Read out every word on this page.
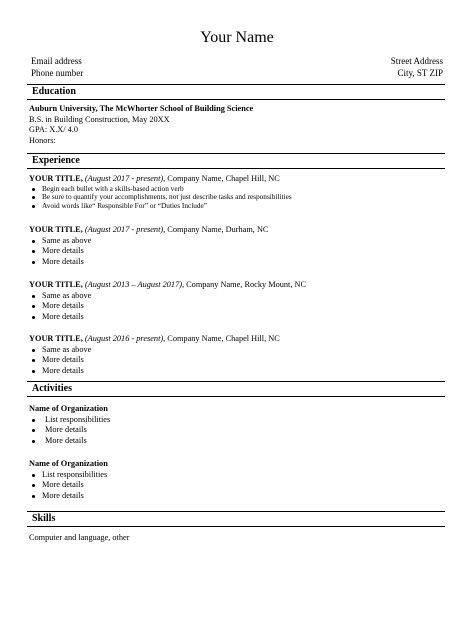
Your Name
Email address
Phone number
Street Address
City, ST ZIP
Education
Auburn University, The McWhorter School of Building Science
B.S. in Building Construction, May 20XX
GPA: X.X/ 4.0
Honors:
Experience
YOUR TITLE, (August 2017 - present), Company Name, Chapel Hill, NC
Begin each bullet with a skills-based action verb
Be sure to quantify your accomplishments, not just describe tasks and responsibilities
Avoid words like“ Responsible For” or “Duties Include”
YOUR TITLE, (August 2017 - present), Company Name, Durham, NC
Same as above
More details
More details
YOUR TITLE, (August 2013 – August 2017), Company Name, Rocky Mount, NC
Same as above
More details
More details
YOUR TITLE, (August 2016 - present), Company Name, Chapel Hill, NC
Same as above
More details
More details
Activities
Name of Organization
List responsibilities
More details
More details
Name of Organization
List responsibilities
More details
More details
Skills
Computer and language, other
